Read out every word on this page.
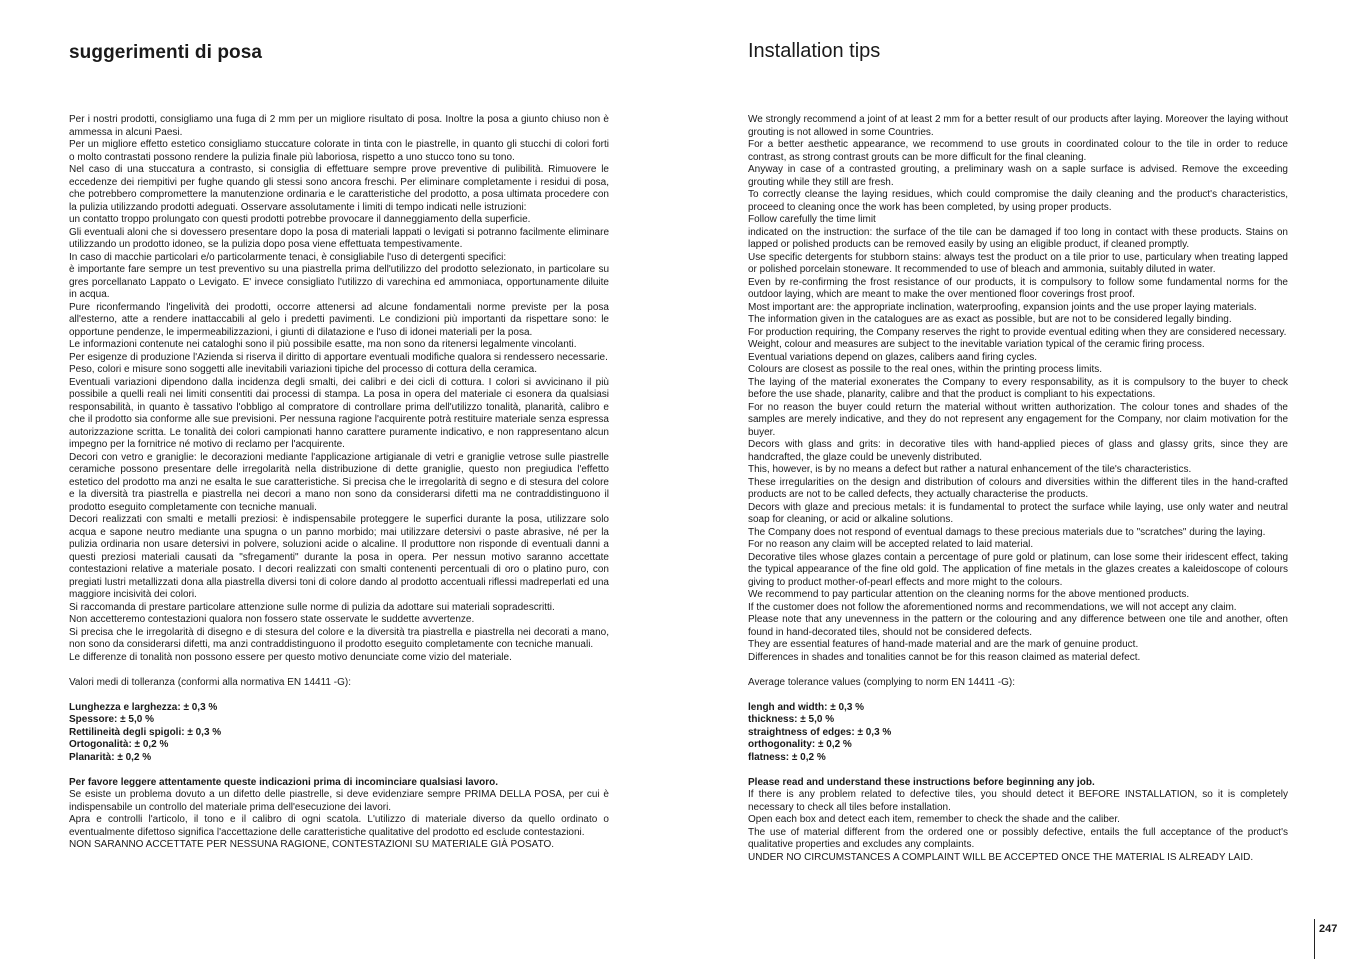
suggerimenti di posa

Per i nostri prodotti, consigliamo una fuga di 2 mm per un migliore risultato di posa. Inoltre la posa a giunto chiuso non è ammessa in alcuni Paesi.

Per un migliore effetto estetico consigliamo stuccature colorate in tinta con le piastrelle, in quanto gli stucchi di colori forti o molto contrastati possono rendere la pulizia finale più laboriosa, rispetto a uno stucco tono su tono.

Nel caso di una stuccatura a contrasto, si consiglia di effettuare sempre prove preventive di pulibilità. Rimuovere le eccedenze dei riempitivi per fughe quando gli stessi sono ancora freschi. Per eliminare completamente i residui di posa, che potrebbero compromettere la manutenzione ordinaria e le caratteristiche del prodotto, a posa ultimata procedere con la pulizia utilizzando prodotti adeguati. Osservare assolutamente i limiti di tempo indicati nelle istruzioni:

un contatto troppo prolungato con questi prodotti potrebbe provocare il danneggiamento della superficie.

Gli eventuali aloni che si dovessero presentare dopo la posa di materiali lappati o levigati si potranno facilmente eliminare utilizzando un prodotto idoneo, se la pulizia dopo posa viene effettuata tempestivamente.

In caso di macchie particolari e/o particolarmente tenaci, è consigliabile l'uso di detergenti specifici:

è importante fare sempre un test preventivo su una piastrella prima dell'utilizzo del prodotto selezionato, in particolare su gres porcellanato Lappato o Levigato. E' invece consigliato l'utilizzo di varechina ed ammoniaca, opportunamente diluite in acqua.

Pure riconfermando l'ingelività dei prodotti, occorre attenersi ad alcune fondamentali norme previste per la posa all'esterno, atte a rendere inattaccabili al gelo i predetti pavimenti. Le condizioni più importanti da rispettare sono: le opportune pendenze, le impermeabilizzazioni, i giunti di dilatazione e l'uso di idonei materiali per la posa.

Le informazioni contenute nei cataloghi sono il più possibile esatte, ma non sono da ritenersi legalmente vincolanti.

Per esigenze di produzione l'Azienda si riserva il diritto di apportare eventuali modifiche qualora si rendessero necessarie.

Peso, colori e misure sono soggetti alle inevitabili variazioni tipiche del processo di cottura della ceramica.

Eventuali variazioni dipendono dalla incidenza degli smalti, dei calibri e dei cicli di cottura. I colori si avvicinano il più possibile a quelli reali nei limiti consentiti dai processi di stampa. La posa in opera del materiale ci esonera da qualsiasi responsabilità, in quanto è tassativo l'obbligo al compratore di controllare prima dell'utilizzo tonalità, planarità, calibro e che il prodotto sia conforme alle sue previsioni. Per nessuna ragione l'acquirente potrà restituire materiale senza espressa autorizzazione scritta. Le tonalità dei colori campionati hanno carattere puramente indicativo, e non rappresentano alcun impegno per la fornitrice né motivo di reclamo per l'acquirente.

Decori con vetro e graniglie: le decorazioni mediante l'applicazione artigianale di vetri e graniglie vetrose sulle piastrelle ceramiche possono presentare delle irregolarità nella distribuzione di dette graniglie, questo non pregiudica l'effetto estetico del prodotto ma anzi ne esalta le sue caratteristiche. Si precisa che le irregolarità di segno e di stesura del colore e la diversità tra piastrella e piastrella nei decori a mano non sono da considerarsi difetti ma ne contraddistinguono il prodotto eseguito completamente con tecniche manuali.

Decori realizzati con smalti e metalli preziosi: è indispensabile proteggere le superfici durante la posa, utilizzare solo acqua e sapone neutro mediante una spugna o un panno morbido; mai utilizzare detersivi o paste abrasive, né per la pulizia ordinaria non usare detersivi in polvere, soluzioni acide o alcaline. Il produttore non risponde di eventuali danni a questi preziosi materiali causati da "sfregamenti" durante la posa in opera. Per nessun motivo saranno accettate contestazioni relative a materiale posato. I decori realizzati con smalti contenenti percentuali di oro o platino puro, con pregiati lustri metallizzati dona alla piastrella diversi toni di colore dando al prodotto accentuali riflessi madreperlati ed una maggiore incisività dei colori.

Si raccomanda di prestare particolare attenzione sulle norme di pulizia da adottare sui materiali sopradescritti.

Non accetteremo contestazioni qualora non fossero state osservate le suddette avvertenze.

Si precisa che le irregolarità di disegno e di stesura del colore e la diversità tra piastrella e piastrella nei decorati a mano, non sono da considerarsi difetti, ma anzi contraddistinguono il prodotto eseguito completamente con tecniche manuali.

Le differenze di tonalità non possono essere per questo motivo denunciate come vizio del materiale.

Valori medi di tolleranza (conformi alla normativa EN 14411 -G):

Lunghezza e larghezza: ± 0,3 %

Spessore: ± 5,0 %

Rettilineità degli spigoli: ± 0,3 %

Ortogonalità: ± 0,2 %

Planarità: ± 0,2 %

Per favore leggere attentamente queste indicazioni prima di incominciare qualsiasi lavoro.

Se esiste un problema dovuto a un difetto delle piastrelle, si deve evidenziare sempre PRIMA DELLA POSA, per cui è indispensabile un controllo del materiale prima dell'esecuzione dei lavori.

Apra e controlli l'articolo, il tono e il calibro di ogni scatola. L'utilizzo di materiale diverso da quello ordinato o eventualmente difettoso significa l'accettazione delle caratteristiche qualitative del prodotto ed esclude contestazioni.

NON SARANNO ACCETTATE PER NESSUNA RAGIONE, CONTESTAZIONI SU MATERIALE GIÀ POSATO.

Installation tips

We strongly recommend a joint of at least 2 mm for a better result of our products after laying. Moreover the laying without grouting is not allowed in some Countries.

For a better aesthetic appearance, we recommend to use grouts in coordinated colour to the tile in order to reduce contrast, as strong contrast grouts can be more difficult for the final cleaning.

Anyway in case of a contrasted grouting, a preliminary wash on a saple surface is advised. Remove the exceeding grouting while they still are fresh.

To correctly cleanse the laying residues, which could compromise the daily cleaning and the product's characteristics, proceed to cleaning once the work has been completed, by using proper products.

Follow carefully the time limit

indicated on the instruction: the surface of the tile can be damaged if too long in contact with these products. Stains on lapped or polished products can be removed easily by using an eligible product, if cleaned promptly.

Use specific detergents for stubborn stains: always test the product on a tile prior to use, particulary when treating lapped or polished porcelain stoneware. It recommended to use of bleach and ammonia, suitably diluted in water.

Even by re-confirming the frost resistance of our products, it is compulsory to follow some fundamental norms for the outdoor laying, which are meant to make the over mentioned floor coverings frost proof.

Most important are: the appropriate inclination, waterproofing, expansion joints and the use proper laying materials.

The information given in the catalogues are as exact as possible, but are not to be considered legally binding.

For production requiring, the Company reserves the right to provide eventual editing when they are considered necessary.

Weight, colour and measures are subject to the inevitable variation typical of the ceramic firing process.

Eventual variations depend on glazes, calibers aand firing cycles.

Colours are closest as possile to the real ones, within the printing process limits.

The laying of the material exonerates the Company to every responsability, as it is compulsory to the buyer to check before the use shade, planarity, calibre and that the product is compliant to his expectations.

For no reason the buyer could return the material without written authorization. The colour tones and shades of the samples are merely indicative, and they do not represent any engagement for the Company, nor claim motivation for the buyer.

Decors with glass and grits: in decorative tiles with hand-applied pieces of glass and glassy grits, since they are handcrafted, the glaze could be unevenly distributed.

This, however, is by no means a defect but rather a natural enhancement of the tile's characteristics.

These irregularities on the design and distribution of colours and diversities within the different tiles in the hand-crafted products are not to be called defects, they actually characterise the products.

Decors with glaze and precious metals: it is fundamental to protect the surface while laying, use only water and neutral soap for cleaning, or acid or alkaline solutions.

The Company does not respond of eventual damags to these precious materials due to "scratches" during the laying.

For no reason any claim will be accepted related to laid material.

Decorative tiles whose glazes contain a percentage of pure gold or platinum, can lose some their iridescent effect, taking the typical appearance of the fine old gold. The application of fine metals in the glazes creates a kaleidoscope of colours giving to product mother-of-pearl effects and more might to the colours.

We recommend to pay particular attention on the cleaning norms for the above mentioned products.

If the customer does not follow the aforementioned norms and recommendations, we will not accept any claim.

Please note that any unevenness in the pattern or the colouring and any difference between one tile and another, often found in hand-decorated tiles, should not be considered defects.

They are essential features of hand-made material and are the mark of genuine product.

Differences in shades and tonalities cannot be for this reason claimed as material defect.

Average tolerance values (complying to norm EN 14411 -G):

lengh and width: ± 0,3 %

thickness: ± 5,0 %

straightness of edges: ± 0,3 %

orthogonality: ± 0,2 %

flatness: ± 0,2 %

Please read and understand these instructions before beginning any job.

If there is any problem related to defective tiles, you should detect it BEFORE INSTALLATION, so it is completely necessary to check all tiles before installation.

Open each box and detect each item, remember to check the shade and the caliber.

The use of material different from the ordered one or possibly defective, entails the full acceptance of the product's qualitative properties and excludes any complaints.

UNDER NO CIRCUMSTANCES A COMPLAINT WILL BE ACCEPTED ONCE THE MATERIAL IS ALREADY LAID.

247
